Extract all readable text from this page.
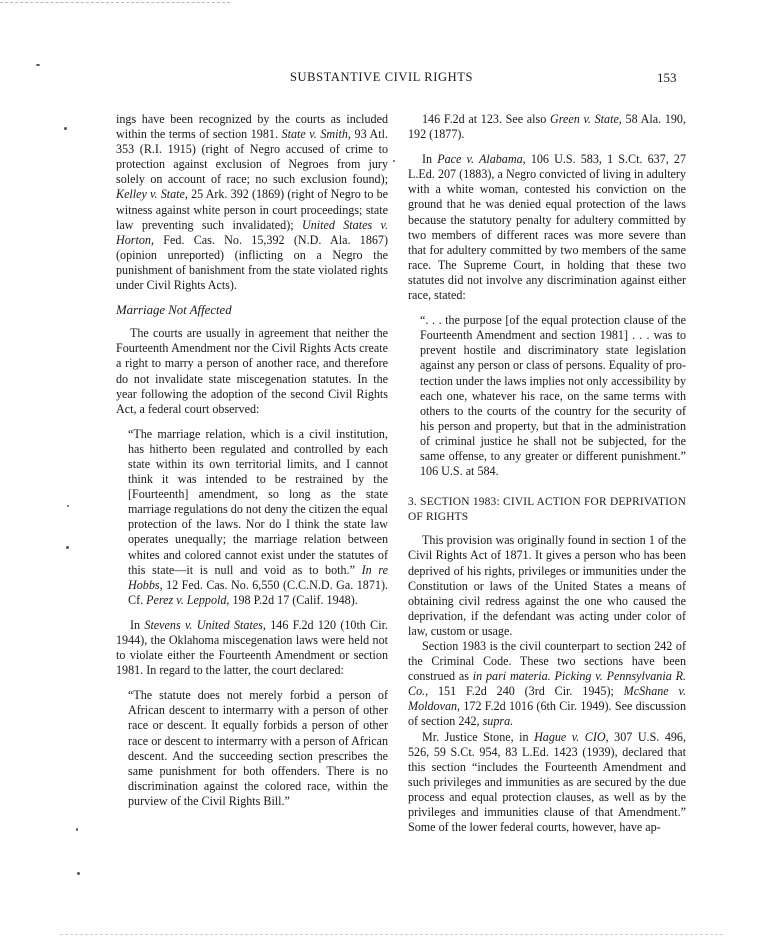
SUBSTANTIVE CIVIL RIGHTS	153

ings have been recognized by the courts as included within the terms of section 1981. State v. Smith, 93 Atl. 353 (R.I. 1915) (right of Negro accused of crime to protection against exclusion of Negroes from jury solely on account of race; no such exclusion found); Kelley v. State, 25 Ark. 392 (1869) (right of Negro to be witness against white person in court proceedings; state law preventing such invalidated); United States v. Horton, Fed. Cas. No. 15,392 (N.D. Ala. 1867) (opinion unreported) (inflicting on a Negro the punishment of banishment from the state violated rights under Civil Rights Acts).

Marriage Not Affected

The courts are usually in agreement that neither the Fourteenth Amendment nor the Civil Rights Acts create a right to marry a person of another race, and therefore do not invalidate state miscegenation statutes. In the year following the adoption of the second Civil Rights Act, a federal court observed:

“The marriage relation, which is a civil institution, has hitherto been regulated and controlled by each state within its own territorial limits, and I cannot think it was intended to be restrained by the [Fourteenth] amendment, so long as the state marriage regulations do not deny the citizen the equal protection of the laws. Nor do I think the state law operates unequally; the marriage relation between whites and colored cannot exist under the statutes of this state—it is null and void as to both.” In re Hobbs, 12 Fed. Cas. No. 6,550 (C.C.N.D. Ga. 1871). Cf. Perez v. Leppold, 198 P.2d 17 (Calif. 1948).

In Stevens v. United States, 146 F.2d 120 (10th Cir. 1944), the Oklahoma miscegenation laws were held not to violate either the Fourteenth Amendment or section 1981. In regard to the latter, the court declared:

“The statute does not merely forbid a person of African descent to intermarry with a person of other race or descent. It equally forbids a person of other race or descent to intermarry with a person of African descent. And the succeeding section prescribes the same punishment for both offenders. There is no discrimination against the colored race, within the purview of the Civil Rights Bill.”

146 F.2d at 123. See also Green v. State, 58 Ala. 190, 192 (1877).

In Pace v. Alabama, 106 U.S. 583, 1 S.Ct. 637, 27 L.Ed. 207 (1883), a Negro convicted of living in adultery with a white woman, contested his conviction on the ground that he was denied equal protection of the laws because the statutory penalty for adultery committed by two members of different races was more severe than that for adultery committed by two members of the same race. The Supreme Court, in holding that these two statutes did not involve any discrimination against either race, stated:

“. . . the purpose [of the equal protection clause of the Fourteenth Amendment and section 1981] . . . was to prevent hostile and discriminatory state legislation against any person or class of persons. Equality of protection under the laws implies not only accessibility by each one, whatever his race, on the same terms with others to the courts of the country for the security of his person and property, but that in the administration of criminal justice he shall not be subjected, for the same offense, to any greater or different punishment.” 106 U.S. at 584.

3. SECTION 1983: CIVIL ACTION FOR DEPRIVATION OF RIGHTS

This provision was originally found in section 1 of the Civil Rights Act of 1871. It gives a person who has been deprived of his rights, privileges or immunities under the Constitution or laws of the United States a means of obtaining civil redress against the one who caused the deprivation, if the defendant was acting under color of law, custom or usage.

Section 1983 is the civil counterpart to section 242 of the Criminal Code. These two sections have been construed as in pari materia. Picking v. Pennsylvania R. Co., 151 F.2d 240 (3rd Cir. 1945); McShane v. Moldovan, 172 F.2d 1016 (6th Cir. 1949). See discussion of section 242, supra.

Mr. Justice Stone, in Hague v. CIO, 307 U.S. 496, 526, 59 S.Ct. 954, 83 L.Ed. 1423 (1939), declared that this section “includes the Fourteenth Amendment and such privileges and immunities as are secured by the due process and equal protection clauses, as well as by the privileges and immunities clause of that Amendment.” Some of the lower federal courts, however, have ap-
